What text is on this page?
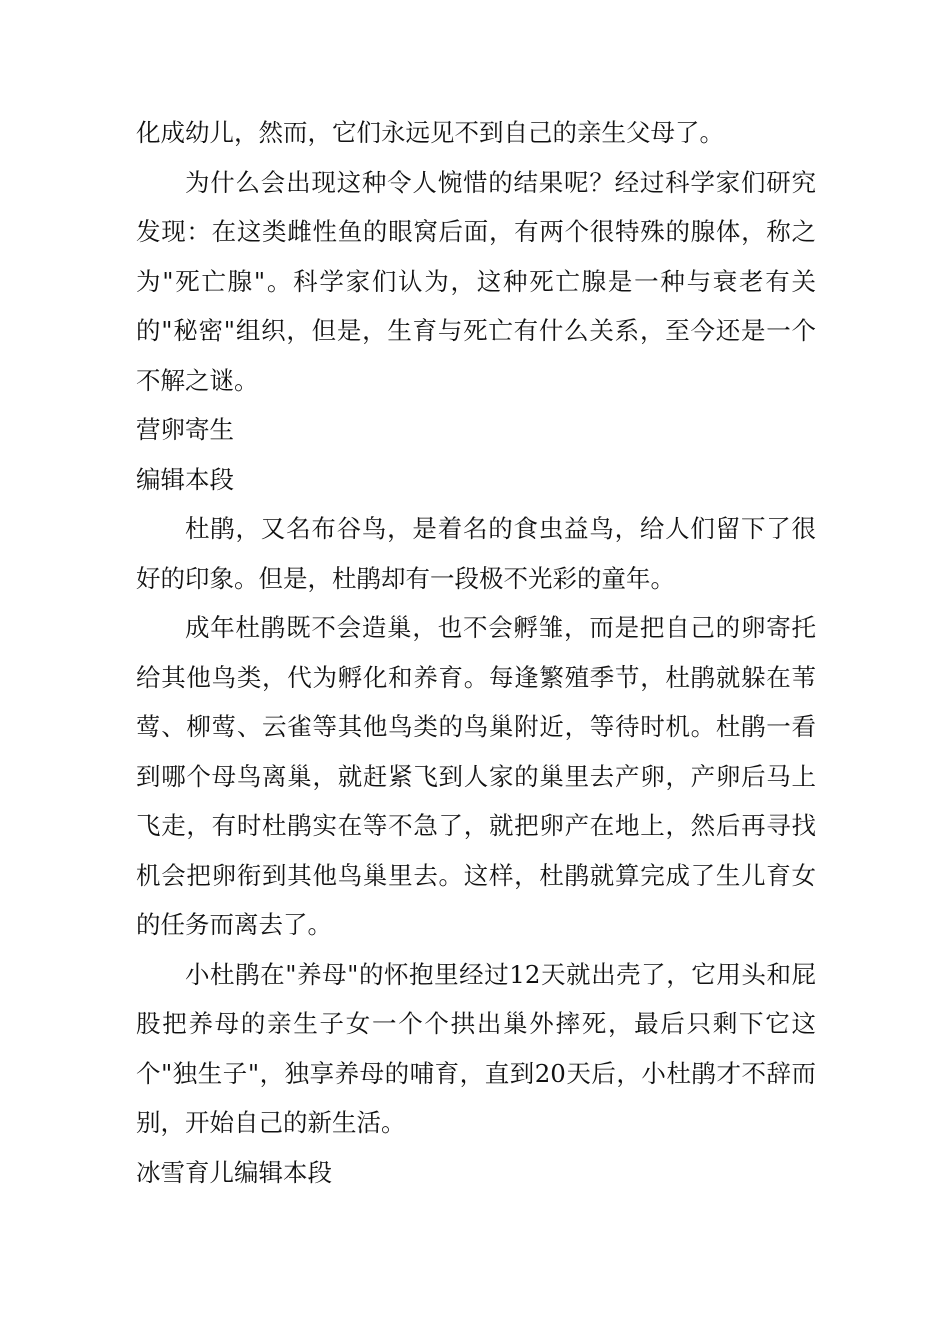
化成幼儿，然而，它们永远见不到自己的亲生父母了。

为什么会出现这种令人惋惜的结果呢？经过科学家们研究发现：在这类雌性鱼的眼窝后面，有两个很特殊的腺体，称之为"死亡腺"。科学家们认为，这种死亡腺是一种与衰老有关的"秘密"组织，但是，生育与死亡有什么关系，至今还是一个不解之谜。

营卵寄生

编辑本段

杜鹃，又名布谷鸟，是着名的食虫益鸟，给人们留下了很好的印象。但是，杜鹃却有一段极不光彩的童年。

成年杜鹃既不会造巢，也不会孵雏，而是把自己的卵寄托给其他鸟类，代为孵化和养育。每逢繁殖季节，杜鹃就躲在苇莺、柳莺、云雀等其他鸟类的鸟巢附近，等待时机。杜鹃一看到哪个母鸟离巢，就赶紧飞到人家的巢里去产卵，产卵后马上飞走，有时杜鹃实在等不急了，就把卵产在地上，然后再寻找机会把卵衔到其他鸟巢里去。这样，杜鹃就算完成了生儿育女的任务而离去了。

小杜鹃在"养母"的怀抱里经过12天就出壳了，它用头和屁股把养母的亲生子女一个个拱出巢外摔死，最后只剩下它这个"独生子"，独享养母的哺育，直到20天后，小杜鹃才不辞而别，开始自己的新生活。

冰雪育儿编辑本段
